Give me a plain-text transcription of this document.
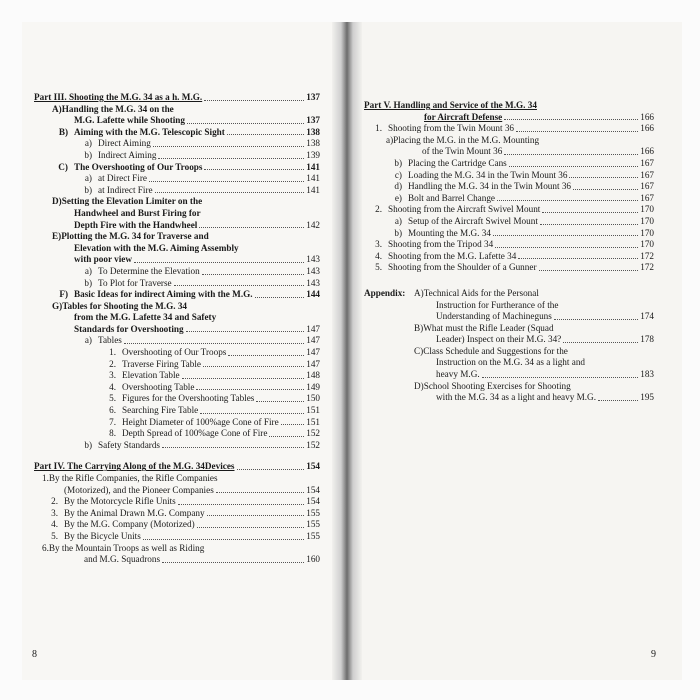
Part III. Shooting the M.G. 34 as a h. M.G.	137
A)Handling the M.G. 34 on the
M.G. Lafette while Shooting	137
B) Aiming with the M.G. Telescopic Sight	138
a) Direct Aiming	138
b) Indirect Aiming	139
C) The Overshooting of Our Troops	141
a) at Direct Fire	141
b) at Indirect Fire	141
D)Setting the Elevation Limiter on the
Handwheel and Burst Firing for
Depth Fire with the Handwheel	142
E)Plotting the M.G. 34 for Traverse and
Elevation with the M.G. Aiming Assembly
with poor view	143
a) To Determine the Elevation	143
b) To Plot for Traverse	143
F) Basic Ideas for indirect Aiming with the M.G.	144
G)Tables for Shooting the M.G. 34
from the M.G. Lafette 34 and Safety
Standards for Overshooting	147
a) Tables	147
1. Overshooting of Our Troops	147
2. Traverse Firing Table	147
3. Elevation Table	148
4. Overshooting Table	149
5. Figures for the Overshooting Tables	150
6. Searching Fire Table	151
7. Height Diameter of 100%age Cone of Fire	151
8. Depth Spread of 100%age Cone of Fire	152
b) Safety Standards	152
Part IV. The Carrying Along of the M.G. 34Devices	154
1.By the Rifle Companies, the Rifle Companies
(Motorized), and the Pioneer Companies	154
2. By the Motorcycle Rifle Units	154
3. By the Animal Drawn M.G. Company	155
4. By the M.G. Company (Motorized)	155
5. By the Bicycle Units	155
6.By the Mountain Troops as well as Riding
and M.G. Squadrons	160
8
Part V. Handling and Service of the M.G. 34
for Aircraft Defense	166
1. Shooting from the Twin Mount 36	166
a)Placing the M.G. in the M.G. Mounting
of the Twin Mount 36	166
b) Placing the Cartridge Cans	167
c) Loading the M.G. 34 in the Twin Mount 36	167
d) Handling the M.G. 34 in the Twin Mount 36	167
e) Bolt and Barrel Change	167
2. Shooting from the Aircraft Swivel Mount	170
a) Setup of the Aircraft Swivel Mount	170
b) Mounting the M.G. 34	170
3. Shooting from the Tripod 34	170
4. Shooting from the M.G. Lafette 34	172
5. Shooting from the Shoulder of a Gunner	172
Appendix: A)Technical Aids for the Personal
Instruction for Furtherance of the
Understanding of Machineguns	174
B)What must the Rifle Leader (Squad
Leader) Inspect on their M.G. 34?	178
C)Class Schedule and Suggestions for the
Instruction on the M.G. 34 as a light and
heavy M.G.	183
D)School Shooting Exercises for Shooting
with the M.G. 34 as a light and heavy M.G.	195
9
